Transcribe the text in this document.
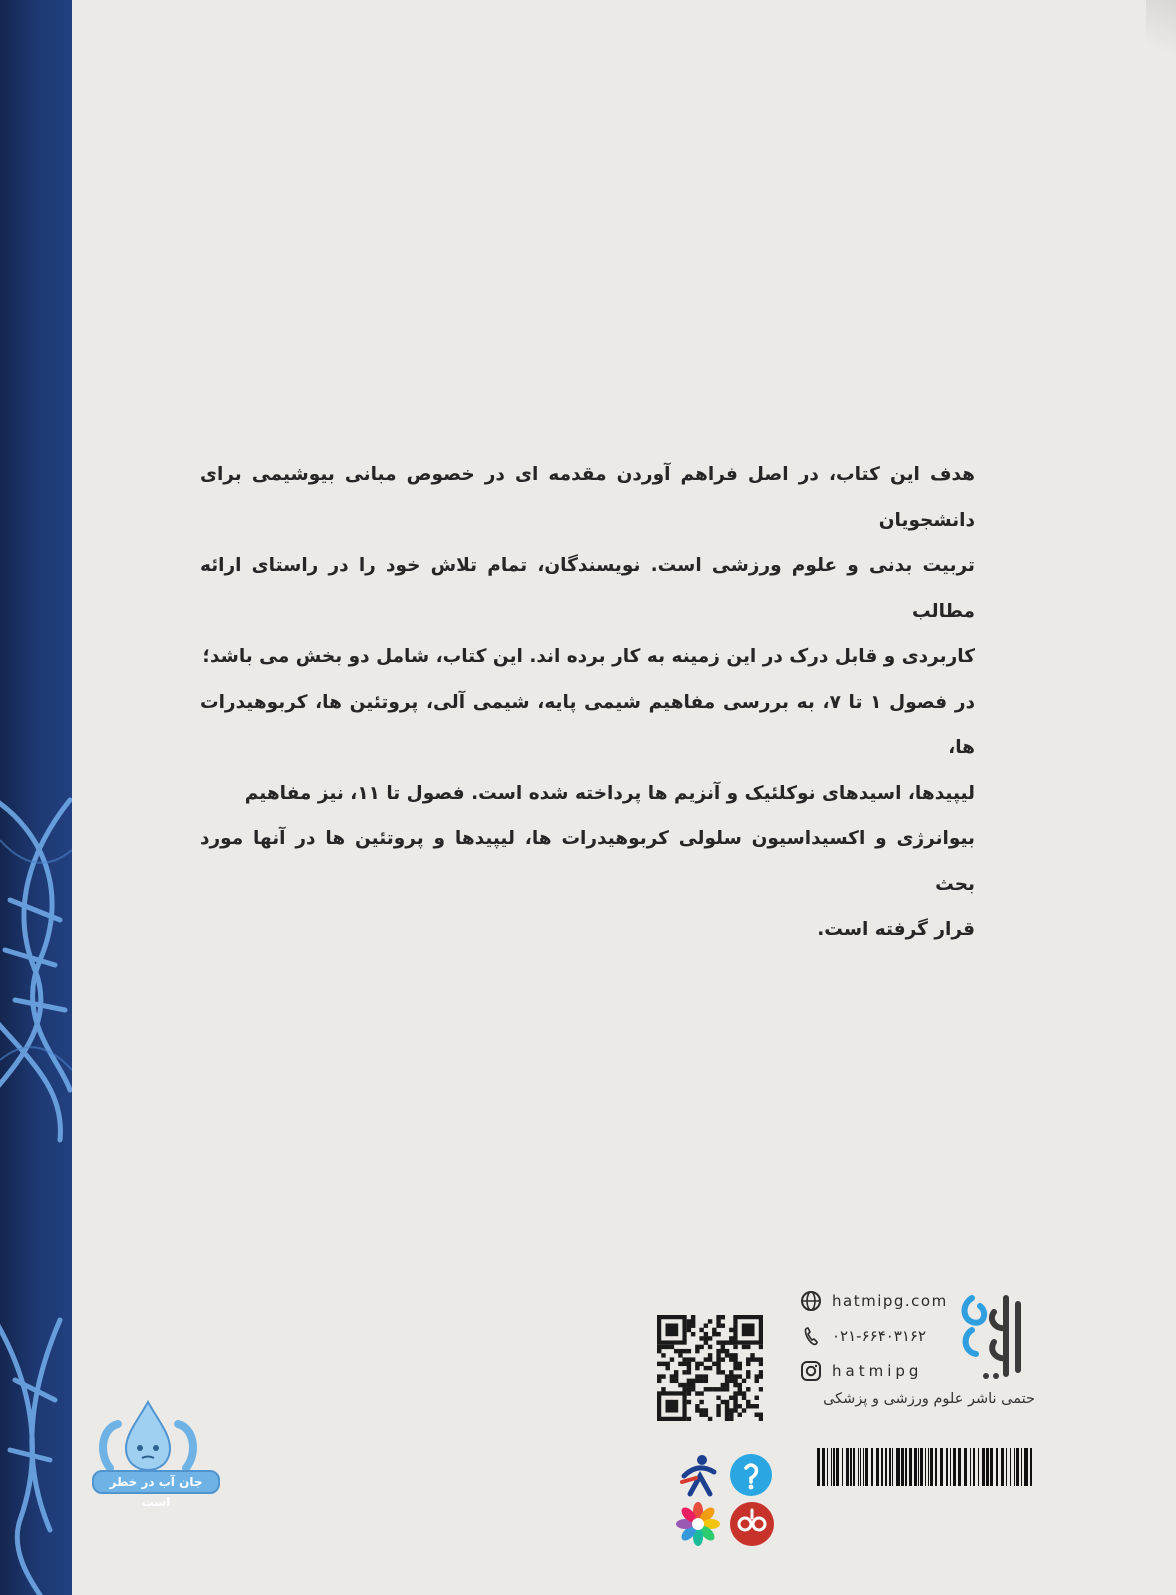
هدف این کتاب، در اصل فراهم آوردن مقدمه ای در خصوص مبانی بیوشیمی برای دانشجویان

تربیت بدنی و علوم ورزشی است. نویسندگان، تمام تلاش خود را در راستای ارائه مطالب

کاربردی و قابل درک در این زمینه به کار برده اند. این کتاب، شامل دو بخش می باشد؛

در فصول ۱ تا ۷، به بررسی مفاهیم شیمی پایه، شیمی آلی، پروتئین ها، کربوهیدرات ها،

لیپیدها، اسیدهای نوکلئیک و آنزیم ها پرداخته شده است. فصول تا ۱۱، نیز مفاهیم

بیوانرژی و اکسیداسیون سلولی کربوهیدرات ها، لیپیدها و پروتئین ها در آنها مورد بحث

قرار گرفته است.

hatmipg.com
۰۲۱-۶۶۴۰۳۱۶۲
hatmipg
حتمی ناشر علوم ورزشی و پزشکی
جان آب در خطر است
